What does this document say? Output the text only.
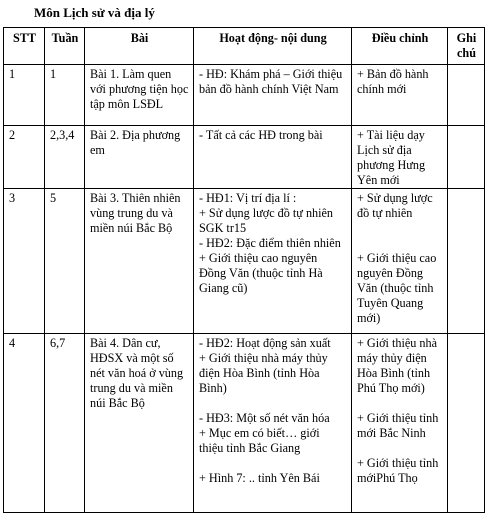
Môn Lịch sử và địa lý
STT	Tuần	Bài	Hoạt động- nội dung	Điều chỉnh	Ghi chú
1	1	Bài 1. Làm quen với phương tiện học tập môn LSĐL	- HĐ: Khám phá – Giới thiệu bản đồ hành chính Việt Nam	+ Bản đồ hành chính mới	

2	2,3,4	Bài 2. Địa phương em	- Tất cả các HĐ trong bài	+ Tài liệu dạy Lịch sử địa phương Hưng Yên mới	

3	5	Bài 3. Thiên nhiên vùng trung du và miền núi Bắc Bộ	- HĐ1: Vị trí địa lí :
+ Sử dụng lược đồ tự nhiên SGK tr15
- HĐ2: Đặc điểm thiên nhiên
+ Giới thiệu cao nguyên Đồng Văn (thuộc tỉnh Hà Giang cũ)	+ Sử dụng lược đồ tự nhiên
+ Giới thiệu cao nguyên Đồng Văn (thuộc tỉnh Tuyên Quang mới)	

4	6,7	Bài 4. Dân cư, HĐSX và một số nét văn hoá ở vùng trung du và miền núi Bắc Bộ	- HĐ2: Hoạt động sản xuất
+ Giới thiệu nhà máy thủy điện Hòa Bình (tỉnh Hòa Bình)
- HĐ3: Một số nét văn hóa
+ Mục em có biết… giới thiệu tỉnh Bắc Giang
+ Hình 7: .. tỉnh Yên Bái	+ Giới thiệu nhà máy thủy điện Hòa Bình (tỉnh Phú Thọ mới)
+ Giới thiệu tỉnh mới Bắc Ninh
+ Giới thiệu tỉnh mớiPhú Thọ	
